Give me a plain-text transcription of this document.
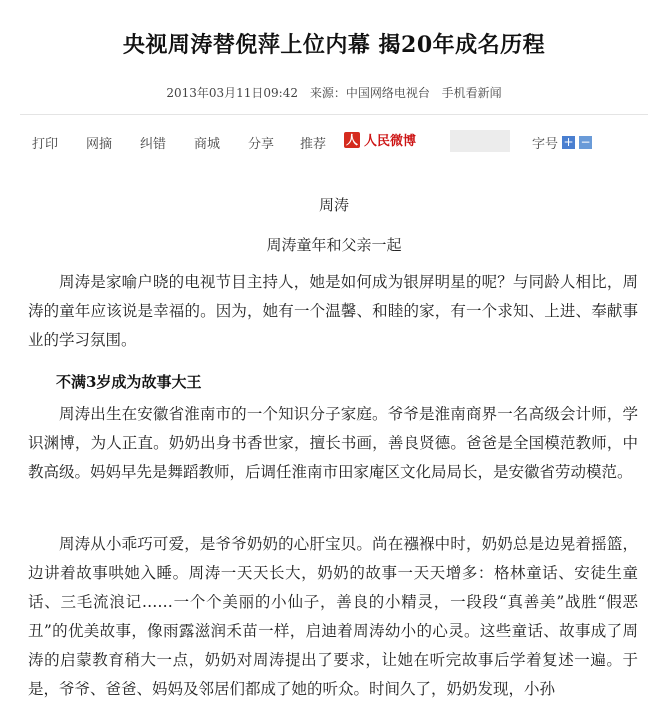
央视周涛替倪萍上位内幕 揭20年成名历程
2013年03月11日09:42 来源：中国网络电视台 手机看新闻
打印 网摘 纠错 商城 分享 推荐 人 人民微博	字号 + −
周涛
周涛童年和父亲一起
周涛是家喻户晓的电视节目主持人，她是如何成为银屏明星的呢？与同龄人相比，周涛的童年应该说是幸福的。因为，她有一个温馨、和睦的家，有一个求知、上进、奉献事业的学习氛围。
不满3岁成为故事大王
周涛出生在安徽省淮南市的一个知识分子家庭。爷爷是淮南商界一名高级会计师，学识渊博，为人正直。奶奶出身书香世家，擅长书画，善良贤德。爸爸是全国模范教师，中教高级。妈妈早先是舞蹈教师，后调任淮南市田家庵区文化局局长，是安徽省劳动模范。
周涛从小乖巧可爱，是爷爷奶奶的心肝宝贝。尚在襁褓中时，奶奶总是边晃着摇篮，边讲着故事哄她入睡。周涛一天天长大，奶奶的故事一天天增多：格林童话、安徒生童话、三毛流浪记……一个个美丽的小仙子，善良的小精灵，一段段“真善美”战胜“假恶丑”的优美故事，像雨露滋润禾苗一样，启迪着周涛幼小的心灵。这些童话、故事成了周涛的启蒙教育稍大一点，奶奶对周涛提出了要求，让她在听完故事后学着复述一遍。于是，爷爷、爸爸、妈妈及邻居们都成了她的听众。时间久了，奶奶发现，小孙
